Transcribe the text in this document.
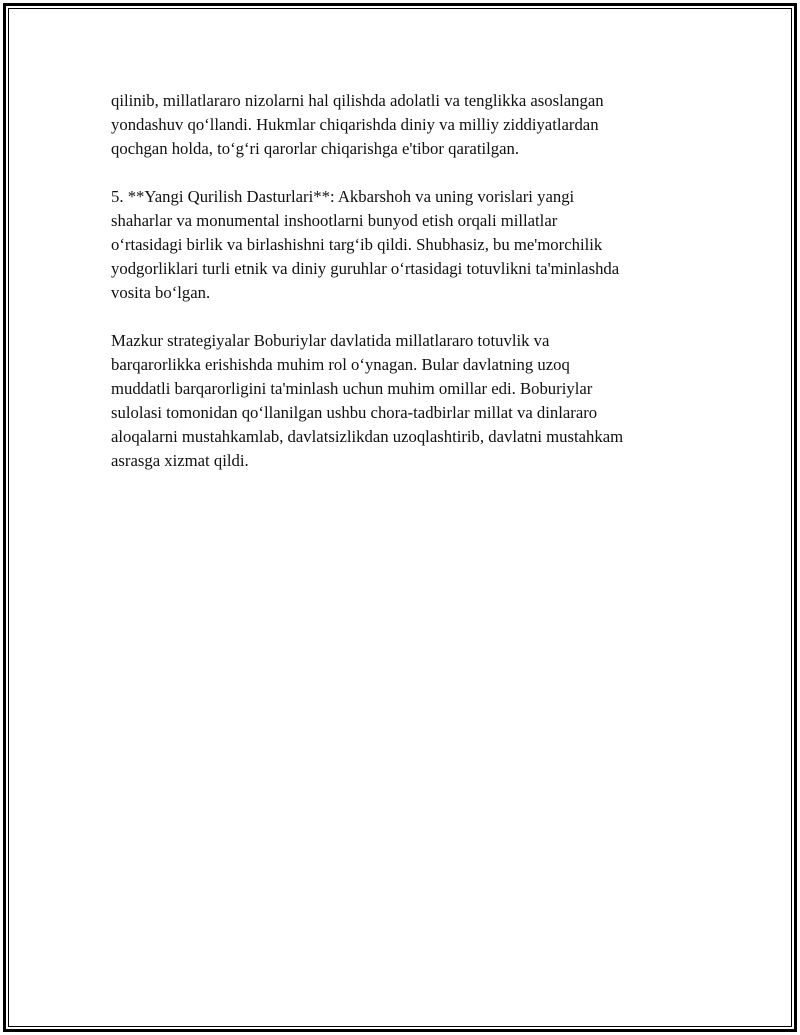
qilinib, millatlararo nizolarni hal qilishda adolatli va tenglikka asoslangan
yondashuv qo‘llandi. Hukmlar chiqarishda diniy va milliy ziddiyatlardan
qochgan holda, to‘g‘ri qarorlar chiqarishga e'tibor qaratilgan.

5. **Yangi Qurilish Dasturlari**: Akbarshoh va uning vorislari yangi
shaharlar va monumental inshootlarni bunyod etish orqali millatlar
o‘rtasidagi birlik va birlashishni targ‘ib qildi. Shubhasiz, bu me'morchilik
yodgorliklari turli etnik va diniy guruhlar o‘rtasidagi totuvlikni ta'minlashda
vosita bo‘lgan.

Mazkur strategiyalar Boburiylar davlatida millatlararo totuvlik va
barqarorlikka erishishda muhim rol o‘ynagan. Bular davlatning uzoq
muddatli barqarorligini ta'minlash uchun muhim omillar edi. Boburiylar
sulolasi tomonidan qo‘llanilgan ushbu chora-tadbirlar millat va dinlararo
aloqalarni mustahkamlab, davlatsizlikdan uzoqlashtirib, davlatni mustahkam
asrasga xizmat qildi.
